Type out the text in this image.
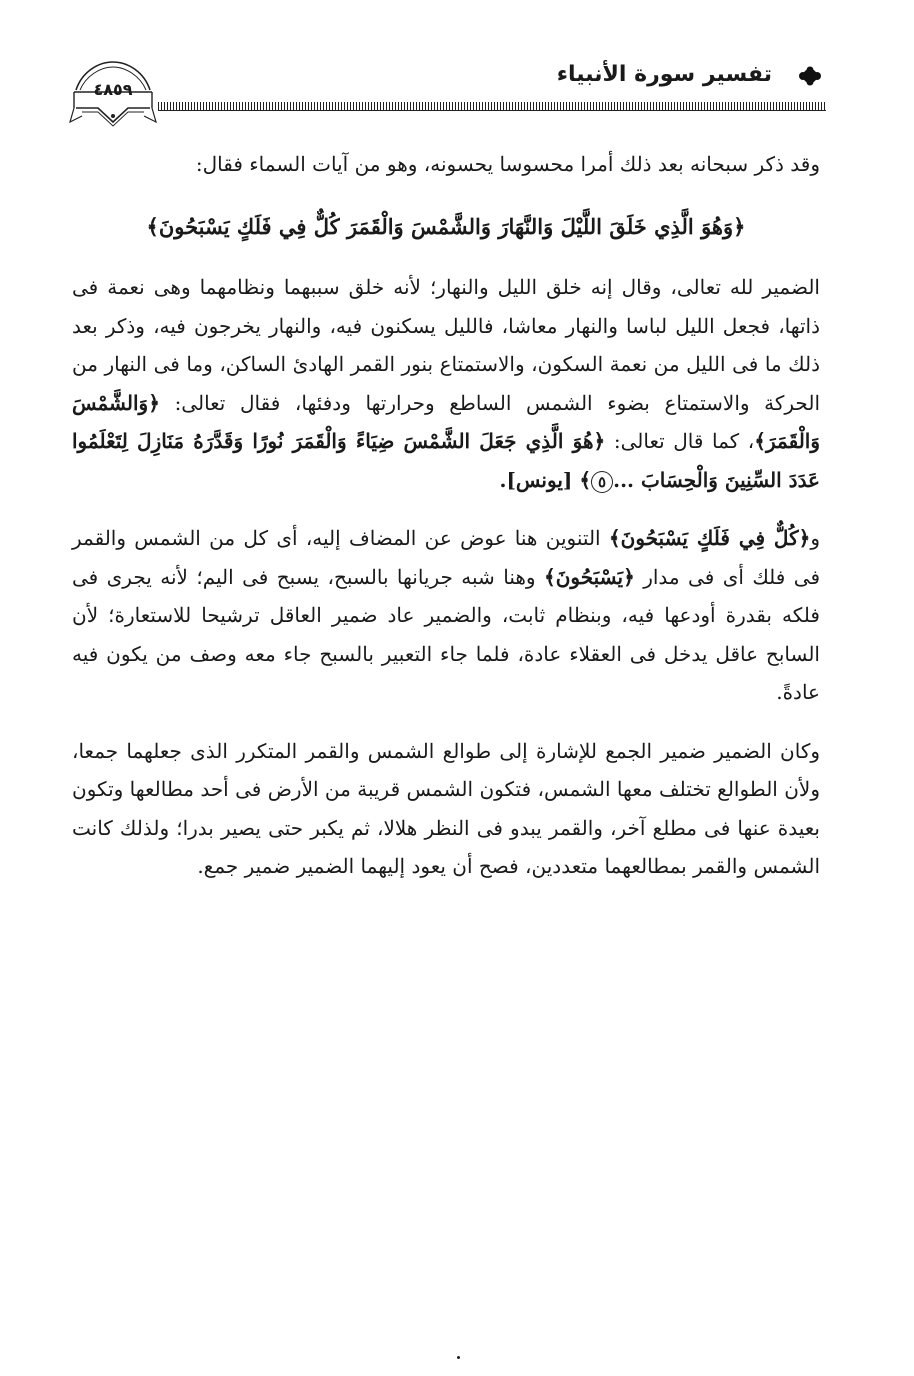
تفسير سورة الأنبياء
٤٨٥٩

وقد ذكر سبحانه بعد ذلك أمرا محسوسا يحسونه، وهو من آيات السماء فقال:

﴿وَهُوَ الَّذِي خَلَقَ اللَّيْلَ وَالنَّهَارَ وَالشَّمْسَ وَالْقَمَرَ كُلٌّ فِي فَلَكٍ يَسْبَحُونَ﴾

الضمير لله تعالى، وقال إنه خلق الليل والنهار؛ لأنه خلق سببهما ونظامهما وهى نعمة فى ذاتها، فجعل الليل لباسا والنهار معاشا، فالليل يسكنون فيه، والنهار يخرجون فيه، وذكر بعد ذلك ما فى الليل من نعمة السكون، والاستمتاع بنور القمر الهادئ الساكن، وما فى النهار من الحركة والاستمتاع بضوء الشمس الساطع وحرارتها ودفئها، فقال تعالى: ﴿وَالشَّمْسَ وَالْقَمَرَ﴾، كما قال تعالى: ﴿هُوَ الَّذِي جَعَلَ الشَّمْسَ ضِيَاءً وَالْقَمَرَ نُورًا وَقَدَّرَهُ مَنَازِلَ لِتَعْلَمُوا عَدَدَ السِّنِينَ وَالْحِسَابَ ...٥﴾ [يونس].

و﴿كُلٌّ فِي فَلَكٍ يَسْبَحُونَ﴾ التنوين هنا عوض عن المضاف إليه، أى كل من الشمس والقمر فى فلك أى فى مدار ﴿يَسْبَحُونَ﴾ وهنا شبه جريانها بالسبح، يسبح فى اليم؛ لأنه يجرى فى فلكه بقدرة أودعها فيه، وبنظام ثابت، والضمير عاد ضمير العاقل ترشيحا للاستعارة؛ لأن السابح عاقل يدخل فى العقلاء عادة، فلما جاء التعبير بالسبح جاء معه وصف من يكون فيه عادةً.

وكان الضمير ضمير الجمع للإشارة إلى طوالع الشمس والقمر المتكرر الذى جعلهما جمعا، ولأن الطوالع تختلف معها الشمس، فتكون الشمس قريبة من الأرض فى أحد مطالعها وتكون بعيدة عنها فى مطلع آخر، والقمر يبدو فى النظر هلالا، ثم يكبر حتى يصير بدرا؛ ولذلك كانت الشمس والقمر بمطالعهما متعددين، فصح أن يعود إليهما الضمير ضمير جمع.
